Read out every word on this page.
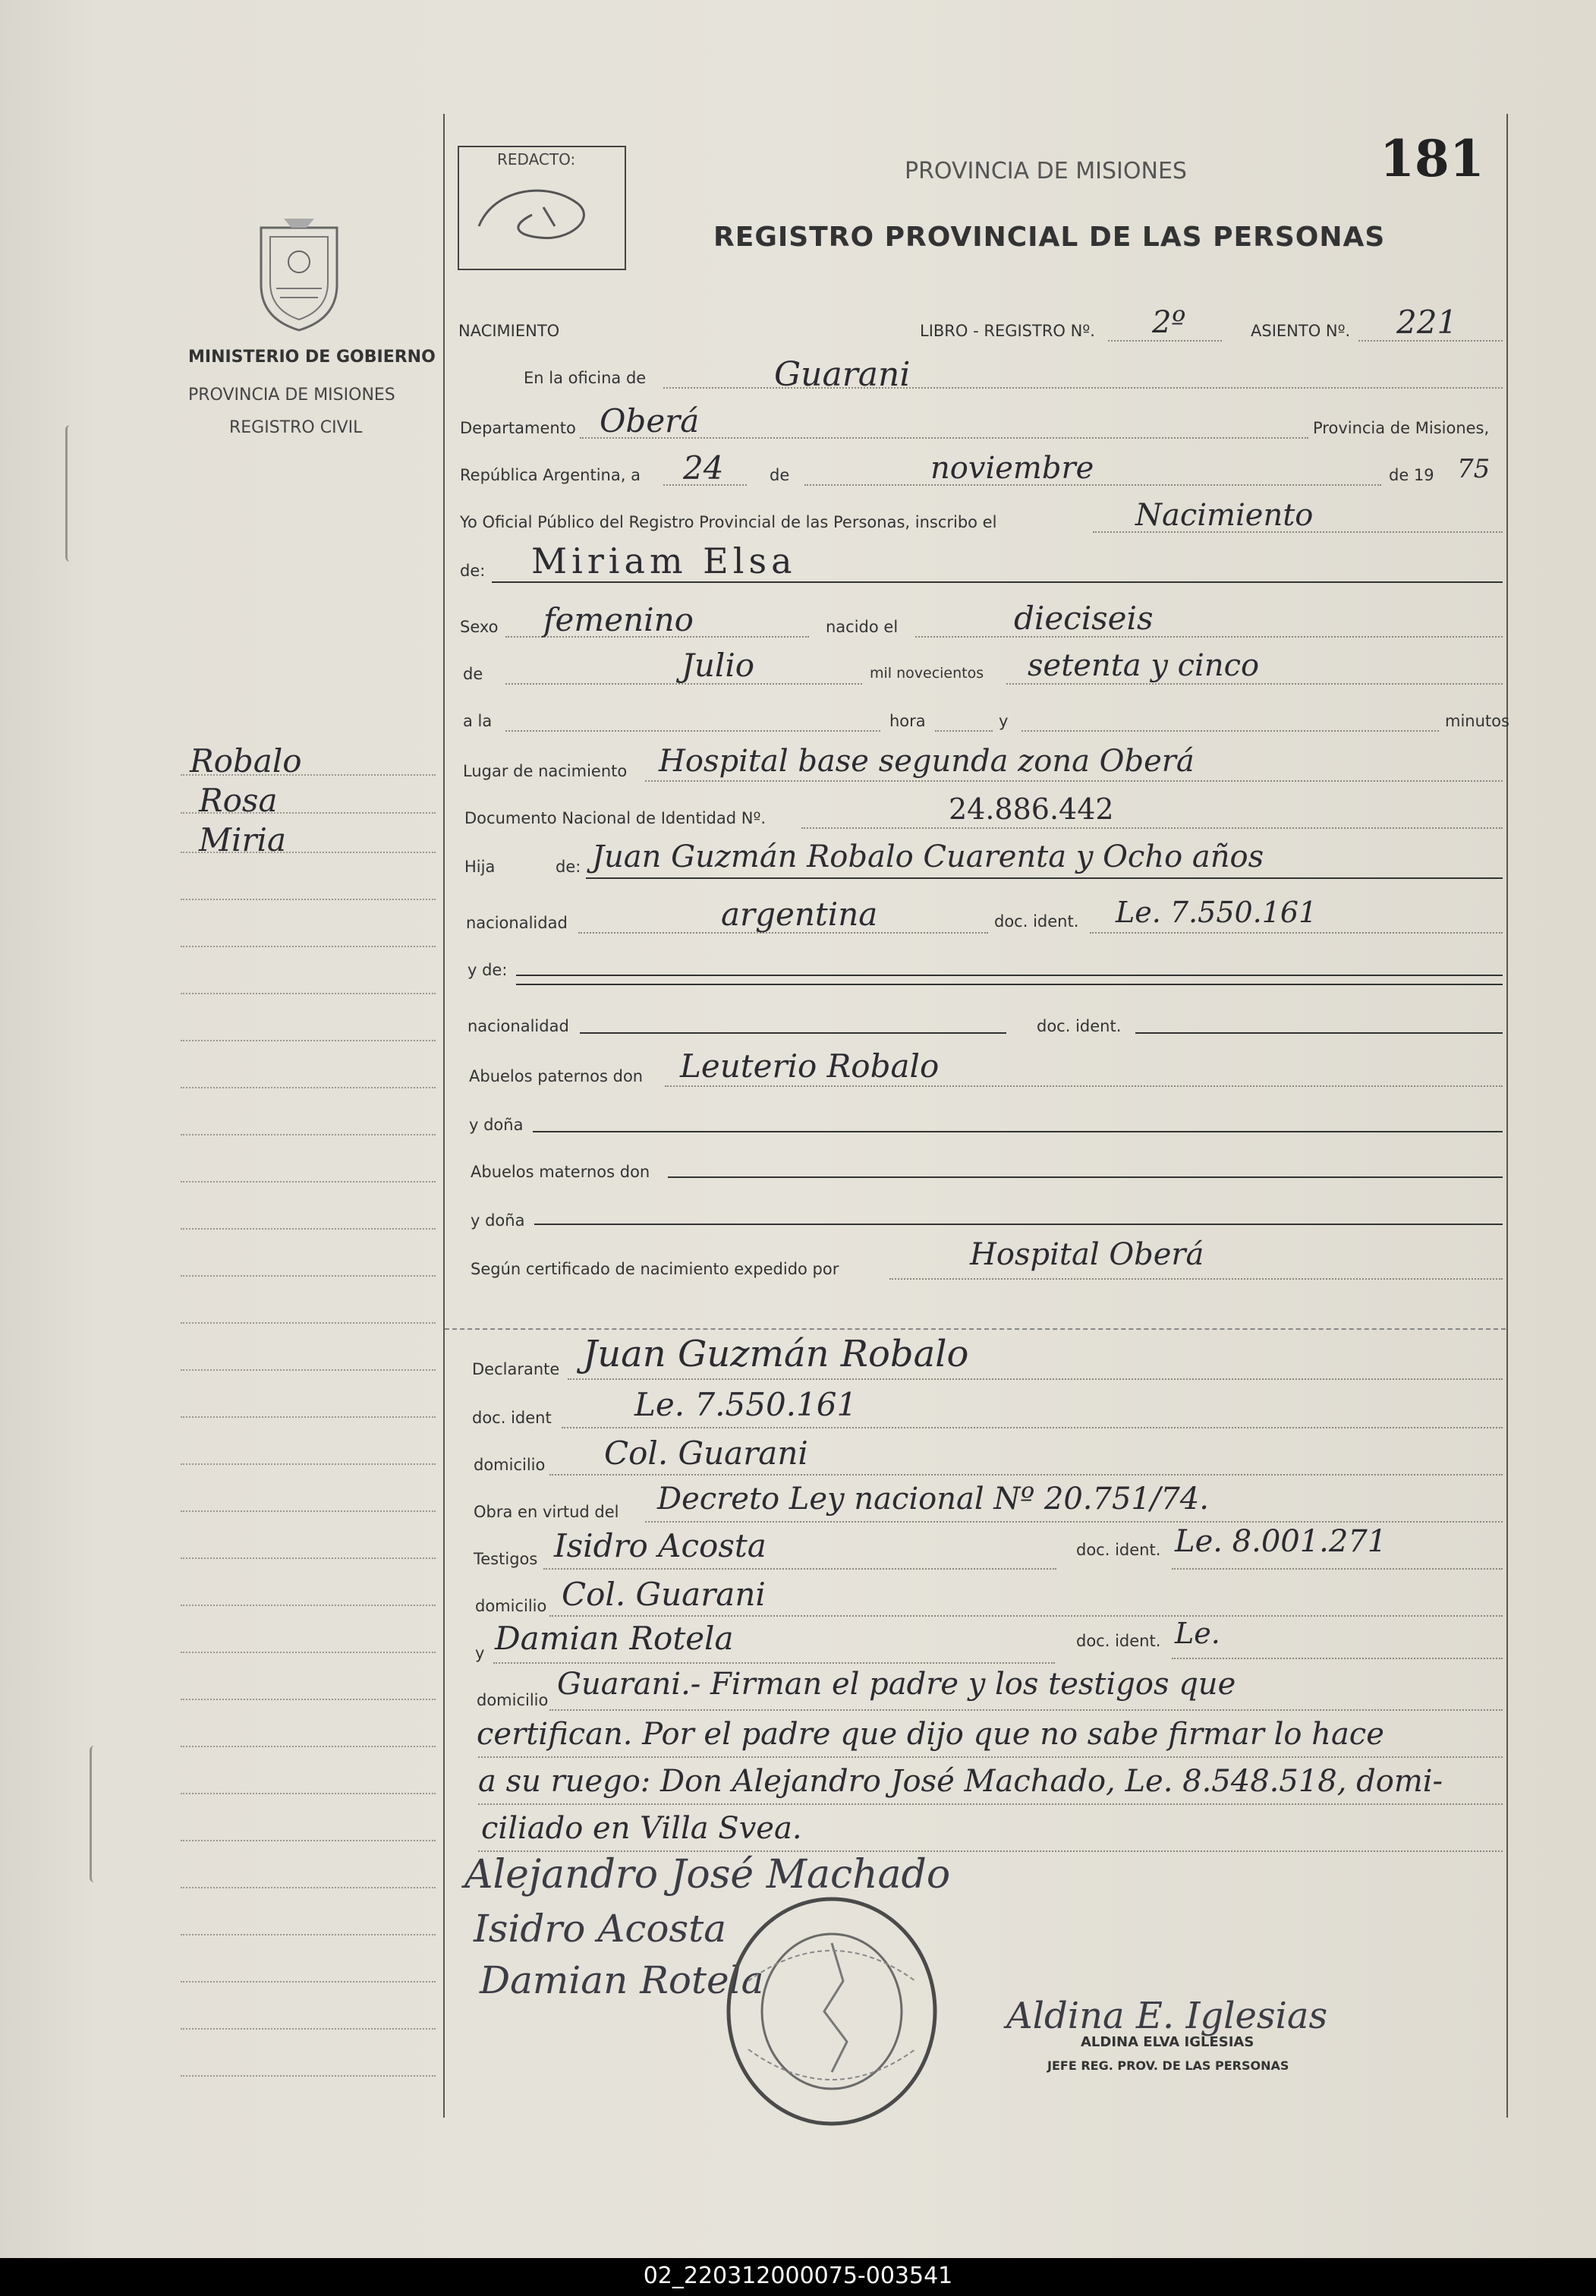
REDACTO:	PROVINCIA DE MISIONES	181
REGISTRO PROVINCIAL DE LAS PERSONAS
MINISTERIO DE GOBIERNO
PROVINCIA DE MISIONES
REGISTRO CIVIL
Robalo
Rosa
Miria
NACIMIENTO	LIBRO - REGISTRO Nº. 2º	ASIENTO Nº. 221
En la oficina de	Guarani
Departamento Oberá	Provincia de Misiones,
República Argentina, a 24	de	noviembre	de 19 75
Yo Oficial Público del Registro Provincial de las Personas, inscribo el	Nacimiento
de: Miriam Elsa
Sexo femenino	nacido el	dieciseis
de	Julio	mil novecientos setenta y cinco
a la	hora	y	minutos
Lugar de nacimiento Hospital base segunda zona Oberá
Documento Nacional de Identidad Nº.	24.886.442
Hija	de: Juan Guzmán Robalo Cuarenta y Ocho años
nacionalidad	argentina	doc. ident. Le. 7.550.161
y de:
nacionalidad	doc. ident.
Abuelos paternos don Leuterio Robalo
y doña
Abuelos maternos don
y doña
Según certificado de nacimiento expedido por	Hospital Oberá
Declarante Juan Guzmán Robalo
doc. ident	Le. 7.550.161
domicilio Col. Guarani
Obra en virtud del Decreto Ley nacional Nº 20.751/74.
Testigos Isidro Acosta	doc. ident. Le. 8.001.271
domicilio Col. Guarani
y Damian Rotela	doc. ident. Le.
domicilio Guarani.- Firman el padre y los testigos que
certifican. Por el padre que dijo que no sabe firmar lo hace
a su ruego: Don Alejandro José Machado, Le. 8.548.518, domi-
ciliado en Villa Svea.
Alejandro José Machado
Isidro Acosta
Damian Rotela
Aldina E. Iglesias
ALDINA ELVA IGLESIAS
JEFE REG. PROV. DE LAS PERSONAS
02_220312000075-003541
